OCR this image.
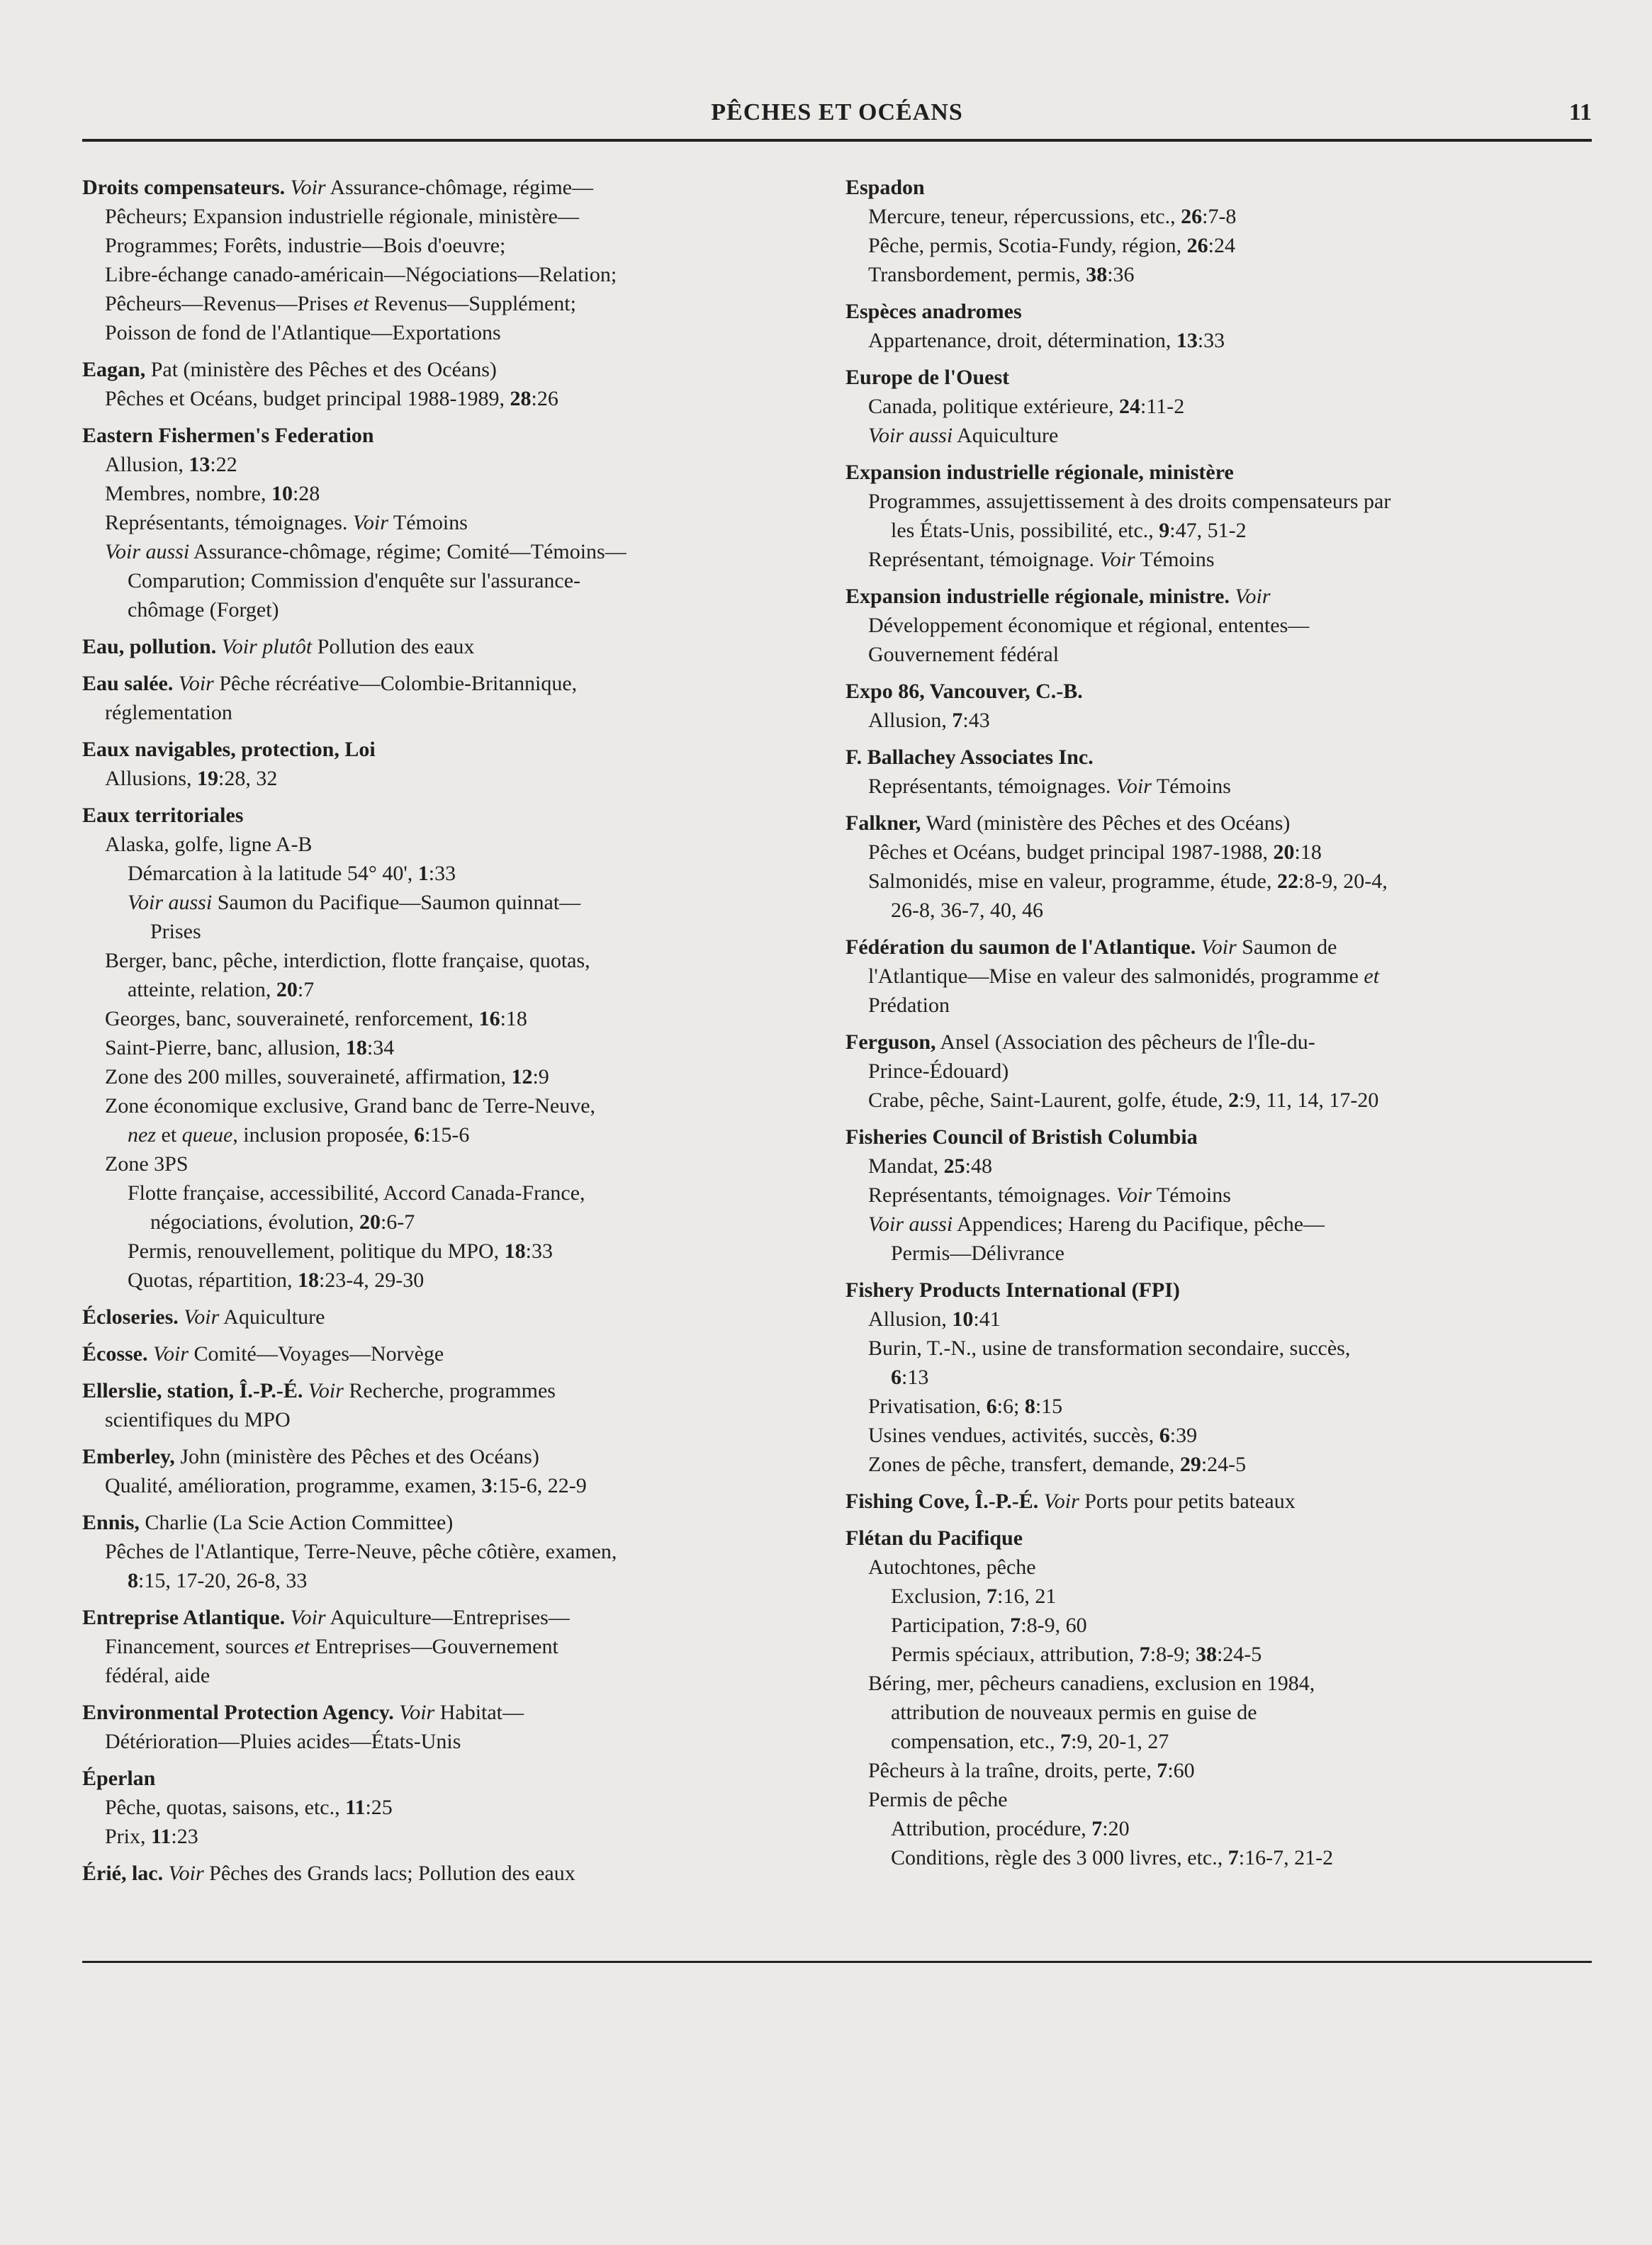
PÊCHES ET OCÉANS	11
Droits compensateurs. Voir Assurance-chômage, régime—
Pêcheurs; Expansion industrielle régionale, ministère—
Programmes; Forêts, industrie—Bois d'oeuvre;
Libre-échange canado-américain—Négociations—Relation;
Pêcheurs—Revenus—Prises et Revenus—Supplément;
Poisson de fond de l'Atlantique—Exportations
Eagan, Pat (ministère des Pêches et des Océans)
Pêches et Océans, budget principal 1988-1989, 28:26
Eastern Fishermen's Federation
Allusion, 13:22
Membres, nombre, 10:28
Représentants, témoignages. Voir Témoins
Voir aussi Assurance-chômage, régime; Comité—Témoins—
Comparution; Commission d'enquête sur l'assurance-
chômage (Forget)
Eau, pollution. Voir plutôt Pollution des eaux
Eau salée. Voir Pêche récréative—Colombie-Britannique,
réglementation
Eaux navigables, protection, Loi
Allusions, 19:28, 32
Eaux territoriales
Alaska, golfe, ligne A-B
Démarcation à la latitude 54° 40', 1:33
Voir aussi Saumon du Pacifique—Saumon quinnat—
Prises
Berger, banc, pêche, interdiction, flotte française, quotas,
atteinte, relation, 20:7
Georges, banc, souveraineté, renforcement, 16:18
Saint-Pierre, banc, allusion, 18:34
Zone des 200 milles, souveraineté, affirmation, 12:9
Zone économique exclusive, Grand banc de Terre-Neuve,
nez et queue, inclusion proposée, 6:15-6
Zone 3PS
Flotte française, accessibilité, Accord Canada-France,
négociations, évolution, 20:6-7
Permis, renouvellement, politique du MPO, 18:33
Quotas, répartition, 18:23-4, 29-30
Écloseries. Voir Aquiculture
Écosse. Voir Comité—Voyages—Norvège
Ellerslie, station, Î.-P.-É. Voir Recherche, programmes
scientifiques du MPO
Emberley, John (ministère des Pêches et des Océans)
Qualité, amélioration, programme, examen, 3:15-6, 22-9
Ennis, Charlie (La Scie Action Committee)
Pêches de l'Atlantique, Terre-Neuve, pêche côtière, examen,
8:15, 17-20, 26-8, 33
Entreprise Atlantique. Voir Aquiculture—Entreprises—
Financement, sources et Entreprises—Gouvernement
fédéral, aide
Environmental Protection Agency. Voir Habitat—
Détérioration—Pluies acides—États-Unis
Éperlan
Pêche, quotas, saisons, etc., 11:25
Prix, 11:23
Érié, lac. Voir Pêches des Grands lacs; Pollution des eaux
Espadon
Mercure, teneur, répercussions, etc., 26:7-8
Pêche, permis, Scotia-Fundy, région, 26:24
Transbordement, permis, 38:36
Espèces anadromes
Appartenance, droit, détermination, 13:33
Europe de l'Ouest
Canada, politique extérieure, 24:11-2
Voir aussi Aquiculture
Expansion industrielle régionale, ministère
Programmes, assujettissement à des droits compensateurs par
les États-Unis, possibilité, etc., 9:47, 51-2
Représentant, témoignage. Voir Témoins
Expansion industrielle régionale, ministre. Voir
Développement économique et régional, ententes—
Gouvernement fédéral
Expo 86, Vancouver, C.-B.
Allusion, 7:43
F. Ballachey Associates Inc.
Représentants, témoignages. Voir Témoins
Falkner, Ward (ministère des Pêches et des Océans)
Pêches et Océans, budget principal 1987-1988, 20:18
Salmonidés, mise en valeur, programme, étude, 22:8-9, 20-4,
26-8, 36-7, 40, 46
Fédération du saumon de l'Atlantique. Voir Saumon de
l'Atlantique—Mise en valeur des salmonidés, programme et
Prédation
Ferguson, Ansel (Association des pêcheurs de l'Île-du-
Prince-Édouard)
Crabe, pêche, Saint-Laurent, golfe, étude, 2:9, 11, 14, 17-20
Fisheries Council of Bristish Columbia
Mandat, 25:48
Représentants, témoignages. Voir Témoins
Voir aussi Appendices; Hareng du Pacifique, pêche—
Permis—Délivrance
Fishery Products International (FPI)
Allusion, 10:41
Burin, T.-N., usine de transformation secondaire, succès,
6:13
Privatisation, 6:6; 8:15
Usines vendues, activités, succès, 6:39
Zones de pêche, transfert, demande, 29:24-5
Fishing Cove, Î.-P.-É. Voir Ports pour petits bateaux
Flétan du Pacifique
Autochtones, pêche
Exclusion, 7:16, 21
Participation, 7:8-9, 60
Permis spéciaux, attribution, 7:8-9; 38:24-5
Béring, mer, pêcheurs canadiens, exclusion en 1984,
attribution de nouveaux permis en guise de
compensation, etc., 7:9, 20-1, 27
Pêcheurs à la traîne, droits, perte, 7:60
Permis de pêche
Attribution, procédure, 7:20
Conditions, règle des 3 000 livres, etc., 7:16-7, 21-2
